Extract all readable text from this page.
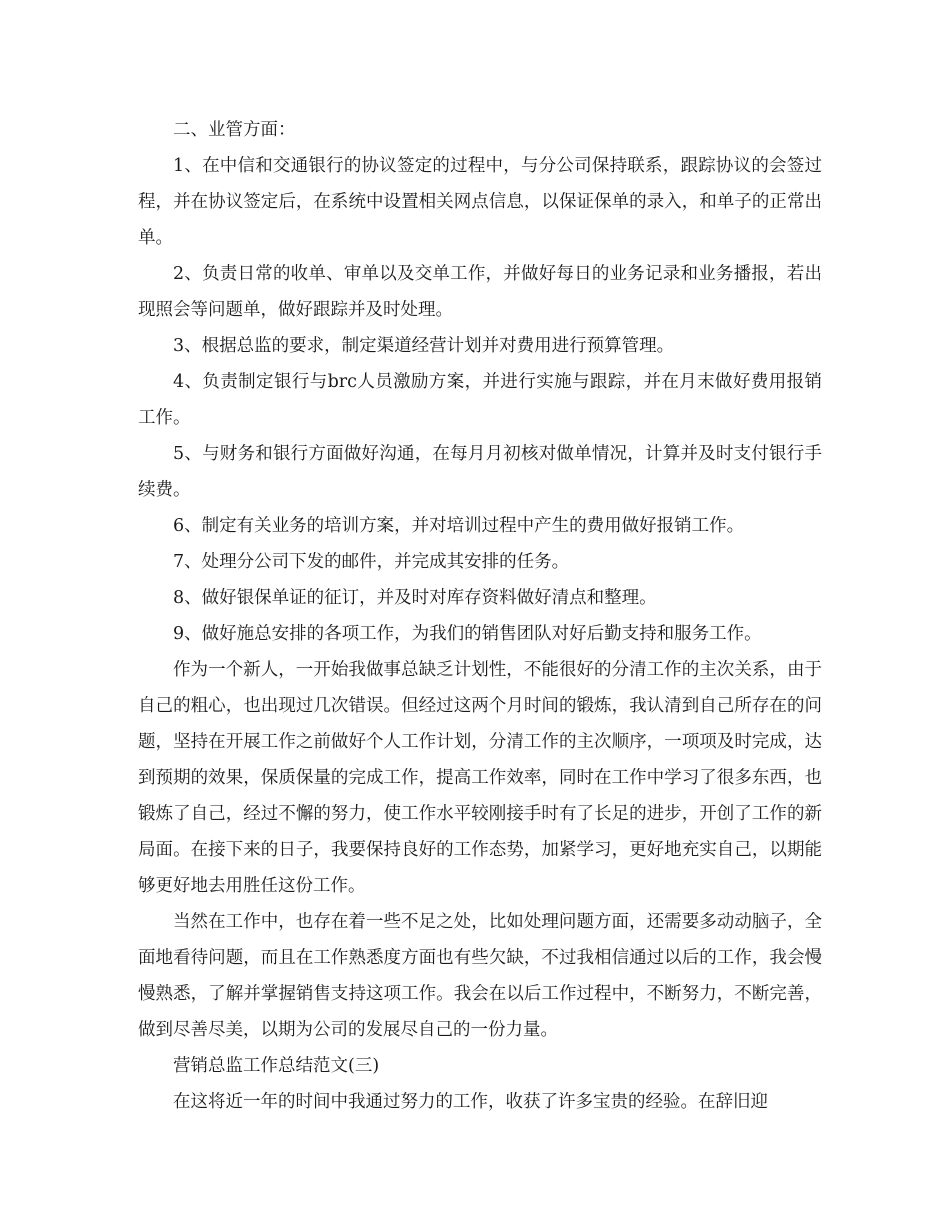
二、业管方面：

1、在中信和交通银行的协议签定的过程中，与分公司保持联系，跟踪协议的会签过程，并在协议签定后，在系统中设置相关网点信息，以保证保单的录入，和单子的正常出单。

2、负责日常的收单、审单以及交单工作，并做好每日的业务记录和业务播报，若出现照会等问题单，做好跟踪并及时处理。

3、根据总监的要求，制定渠道经营计划并对费用进行预算管理。

4、负责制定银行与brc人员激励方案，并进行实施与跟踪，并在月末做好费用报销工作。

5、与财务和银行方面做好沟通，在每月月初核对做单情况，计算并及时支付银行手续费。

6、制定有关业务的培训方案，并对培训过程中产生的费用做好报销工作。

7、处理分公司下发的邮件，并完成其安排的任务。

8、做好银保单证的征订，并及时对库存资料做好清点和整理。

9、做好施总安排的各项工作，为我们的销售团队对好后勤支持和服务工作。

作为一个新人，一开始我做事总缺乏计划性，不能很好的分清工作的主次关系，由于自己的粗心，也出现过几次错误。但经过这两个月时间的锻炼，我认清到自己所存在的问题，坚持在开展工作之前做好个人工作计划，分清工作的主次顺序，一项项及时完成，达到预期的效果，保质保量的完成工作，提高工作效率，同时在工作中学习了很多东西，也锻炼了自己，经过不懈的努力，使工作水平较刚接手时有了长足的进步，开创了工作的新局面。在接下来的日子，我要保持良好的工作态势，加紧学习，更好地充实自己，以期能够更好地去用胜任这份工作。

当然在工作中，也存在着一些不足之处，比如处理问题方面，还需要多动动脑子，全面地看待问题，而且在工作熟悉度方面也有些欠缺，不过我相信通过以后的工作，我会慢慢熟悉，了解并掌握销售支持这项工作。我会在以后工作过程中，不断努力，不断完善，做到尽善尽美，以期为公司的发展尽自己的一份力量。

营销总监工作总结范文(三)

在这将近一年的时间中我通过努力的工作，收获了许多宝贵的经验。在辞旧迎
